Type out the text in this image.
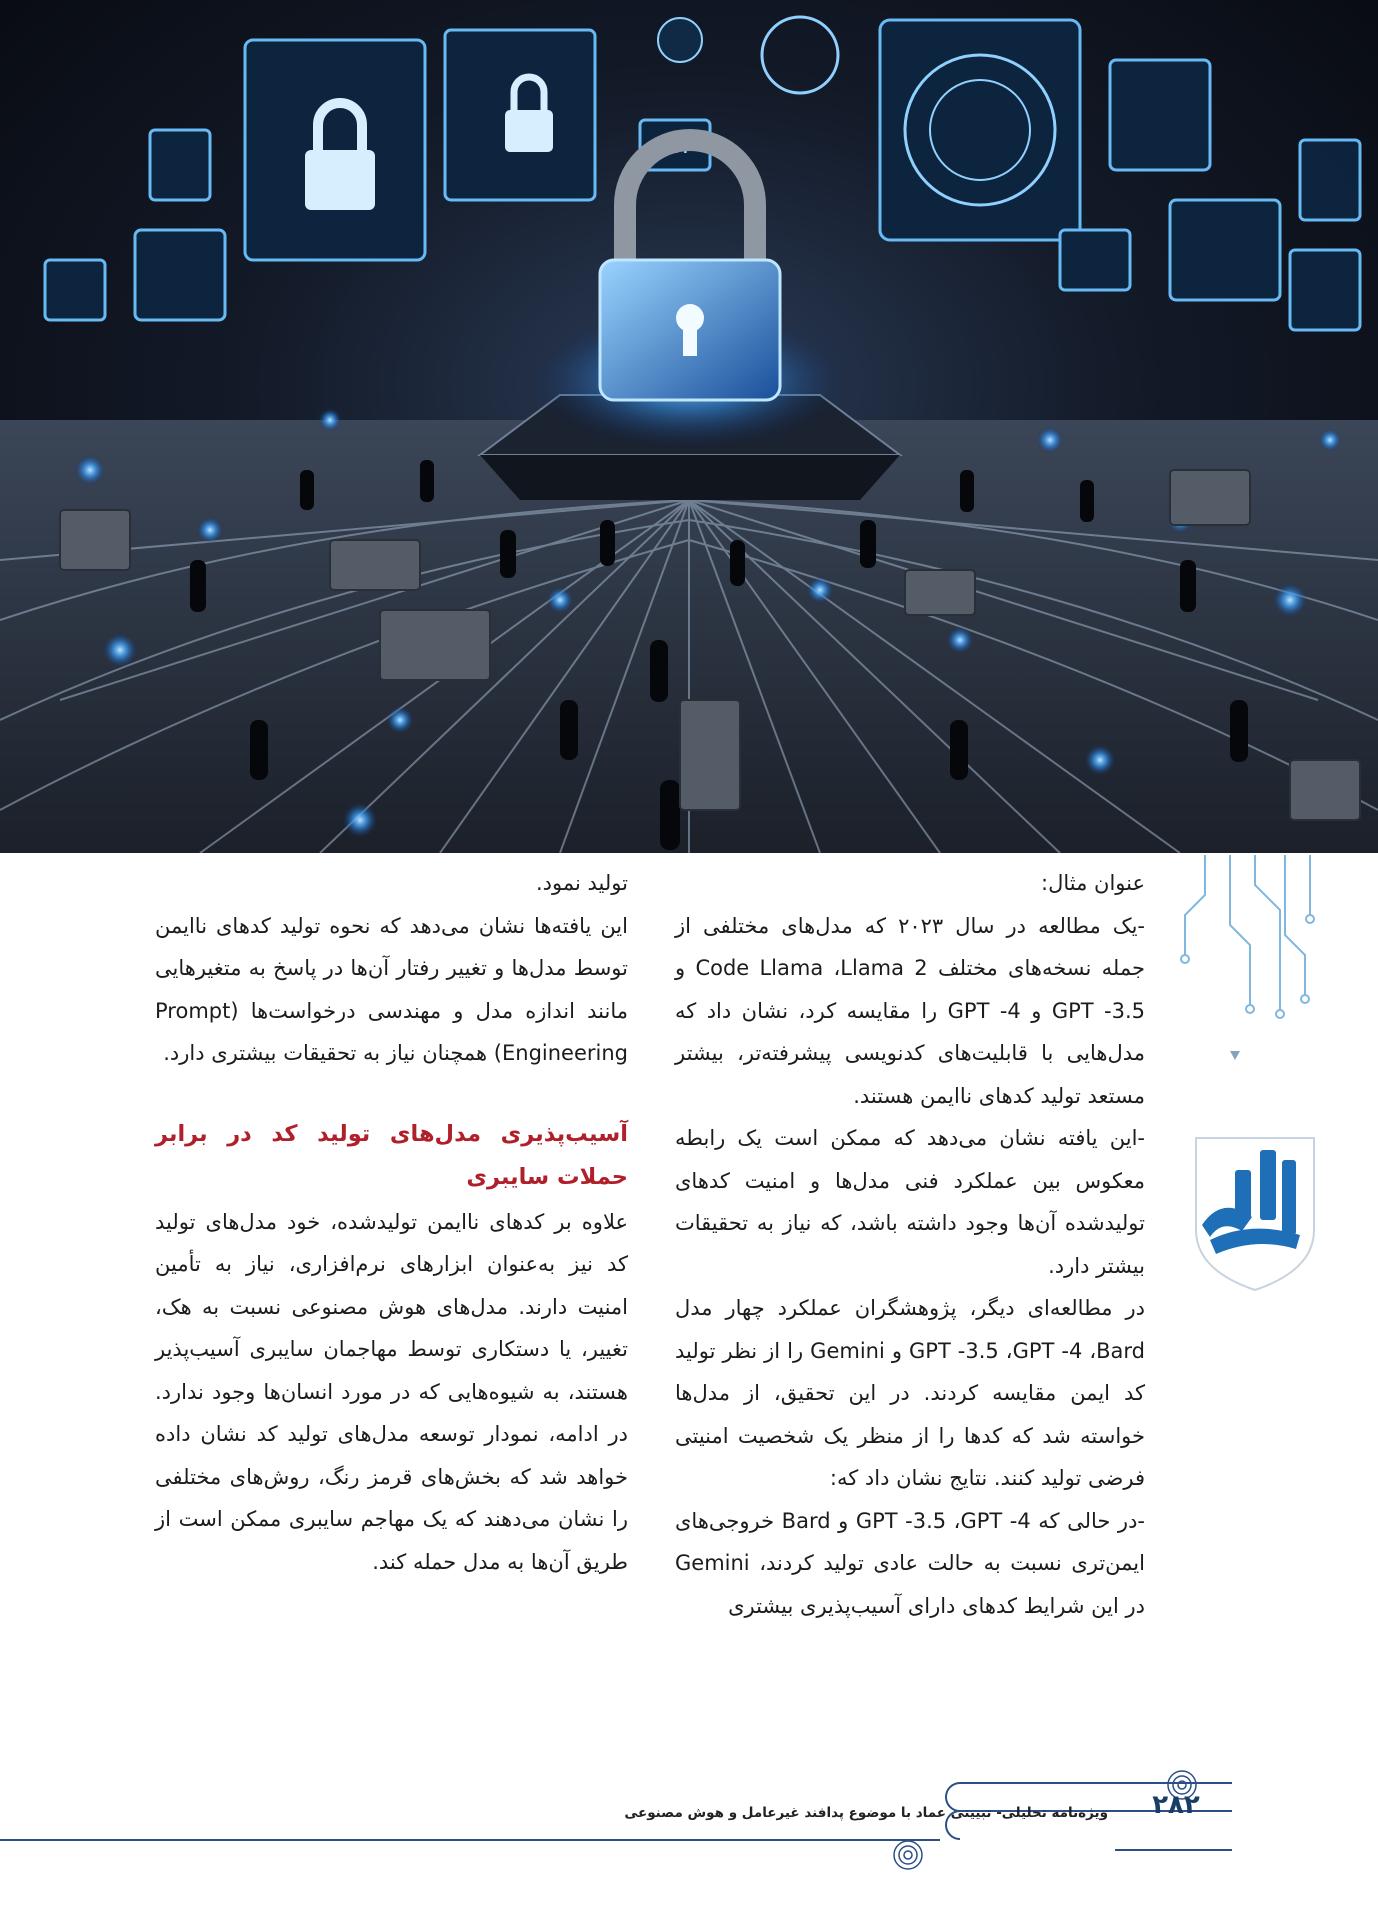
BI

عنوان مثال:

-یک مطالعه در سال ۲۰۲۳ که مدل‌های مختلفی از جمله نسخه‌های مختلف Code Llama ،Llama 2 و GPT -3.5 و GPT -4 را مقایسه کرد، نشان داد که مدل‌هایی با قابلیت‌های کدنویسی پیشرفته‌تر، بیشتر مستعد تولید کدهای ناایمن هستند.

-این یافته نشان می‌دهد که ممکن است یک رابطه معکوس بین عملکرد فنی مدل‌ها و امنیت کدهای تولیدشده آن‌ها وجود داشته باشد، که نیاز به تحقیقات بیشتر دارد.

در مطالعه‌ای دیگر، پژوهشگران عملکرد چهار مدل GPT -3.5 ،GPT -4 ،Bard و Gemini را از نظر تولید کد ایمن مقایسه کردند. در این تحقیق، از مدل‌ها خواسته شد که کدها را از منظر یک شخصیت امنیتی فرضی تولید کنند. نتایج نشان داد که:

-در حالی که GPT -3.5 ،GPT -4 و Bard خروجی‌های ایمن‌تری نسبت به حالت عادی تولید کردند، Gemini در این شرایط کدهای دارای آسیب‌پذیری بیشتری

تولید نمود.

این یافته‌ها نشان می‌دهد که نحوه تولید کدهای ناایمن توسط مدل‌ها و تغییر رفتار آن‌ها در پاسخ به متغیرهایی مانند اندازه مدل و مهندسی درخواست‌ها (Prompt Engineering) همچنان نیاز به تحقیقات بیشتری دارد.

آسیب‌پذیری مدل‌های تولید کد در برابر حملات سایبری

علاوه بر کدهای ناایمن تولیدشده، خود مدل‌های تولید کد نیز به‌عنوان ابزارهای نرم‌افزاری، نیاز به تأمین امنیت دارند. مدل‌های هوش مصنوعی نسبت به هک، تغییر، یا دستکاری توسط مهاجمان سایبری آسیب‌پذیر هستند، به شیوه‌هایی که در مورد انسان‌ها وجود ندارد. در ادامه، نمودار توسعه مدل‌های تولید کد نشان داده خواهد شد که بخش‌های قرمز رنگ، روش‌های مختلفی را نشان می‌دهند که یک مهاجم سایبری ممکن است از طریق آن‌ها به مدل حمله کند.

ویژه‌نامه تحلیلی- تبیینی عماد با موضوع پدافند غیرعامل و هوش مصنوعی ۲۸۲
